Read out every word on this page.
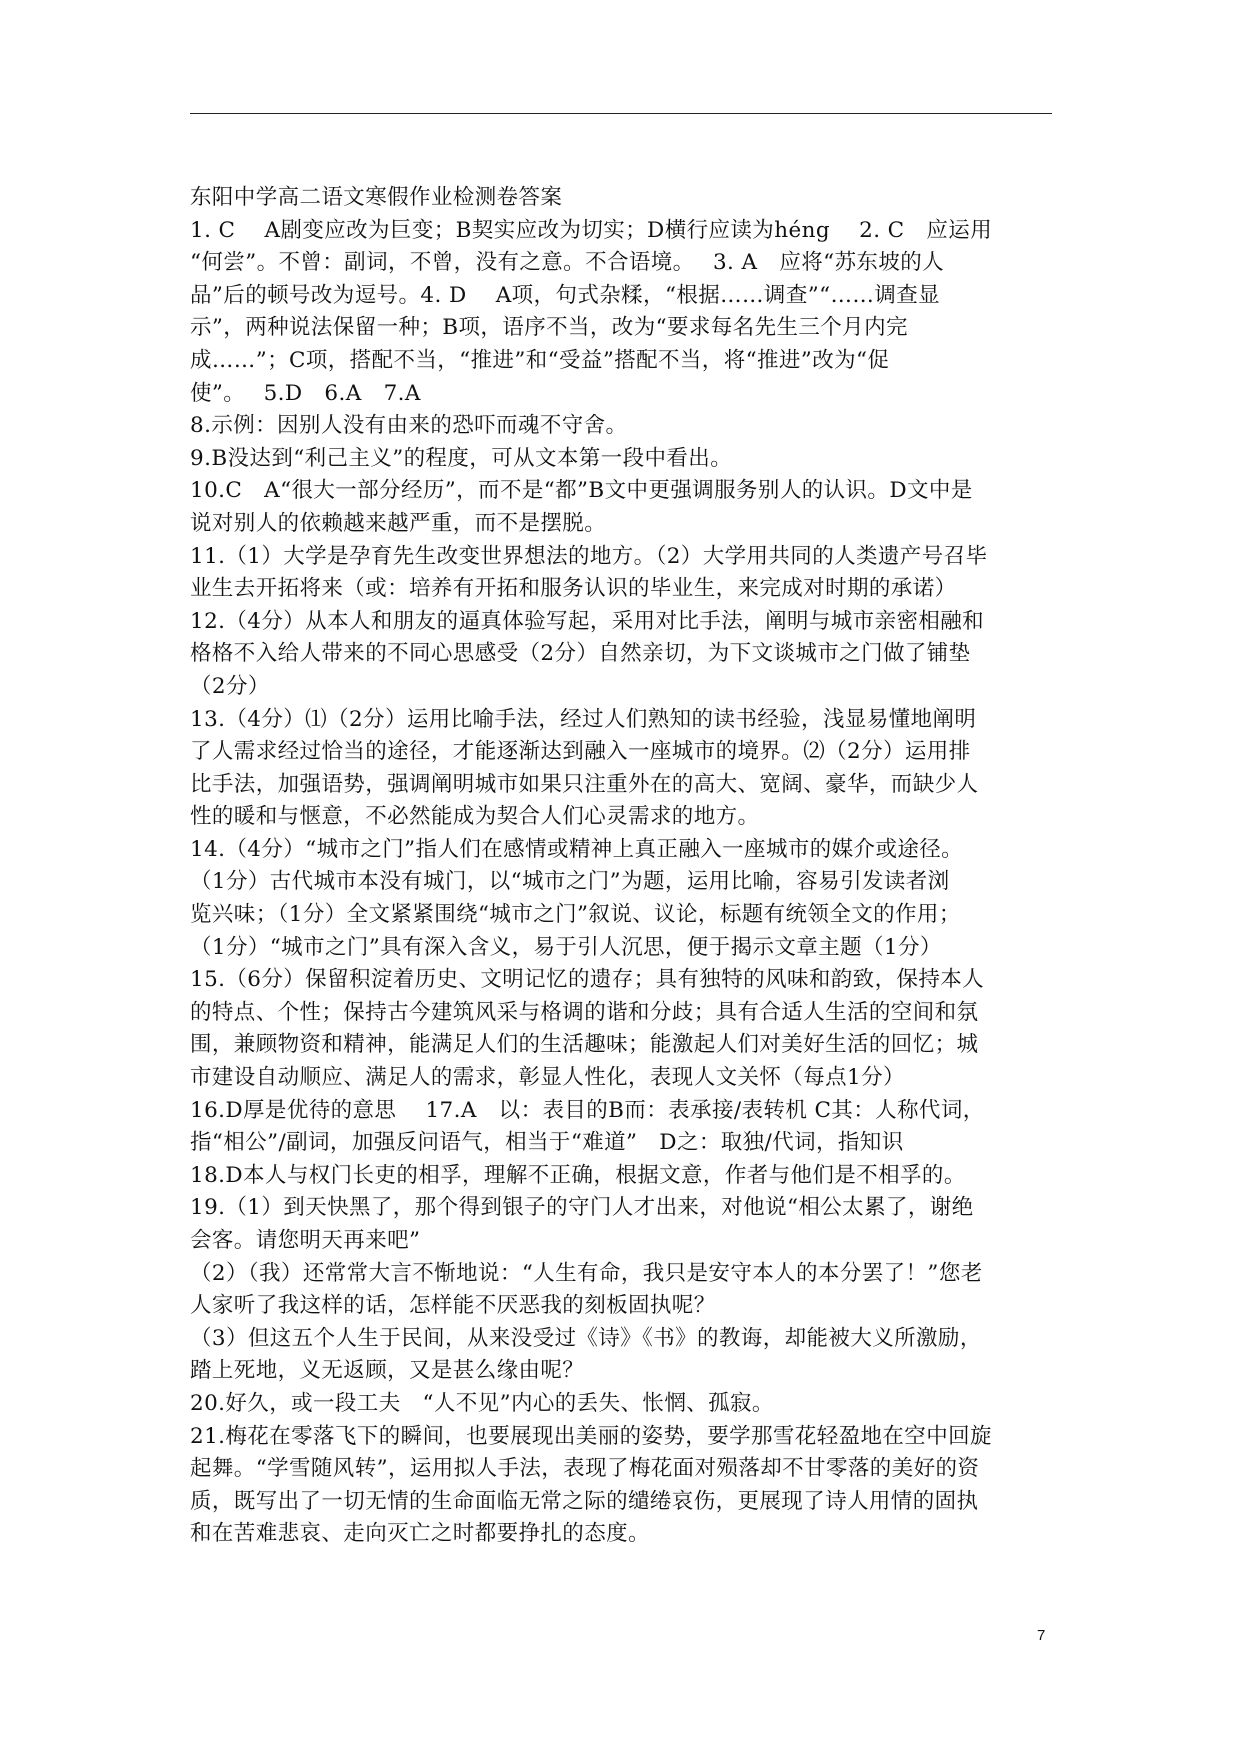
东阳中学高二语文寒假作业检测卷答案
1. C　 A剧变应改为巨变；B契实应改为切实；D横行应读为héng　 2. C　应运用
“何尝”。不曾：副词，不曾，没有之意。不合语境。　 3. A　应将“苏东坡的人
品”后的顿号改为逗号。4. D　 A项，句式杂糅，“根据……调查”“……调查显
示”，两种说法保留一种；B项，语序不当，改为“要求每名先生三个月内完
成……”；C项，搭配不当，“推进”和“受益”搭配不当，将“推进”改为“促
使”。　 5.D　6.A　7.A
8.示例：因别人没有由来的恐吓而魂不守舍。
9.B没达到“利己主义”的程度，可从文本第一段中看出。
10.C　A“很大一部分经历”，而不是“都”B文中更强调服务别人的认识。D文中是
说对别人的依赖越来越严重，而不是摆脱。
11.（1）大学是孕育先生改变世界想法的地方。（2）大学用共同的人类遗产号召毕
业生去开拓将来（或：培养有开拓和服务认识的毕业生，来完成对时期的承诺）
12.（4分）从本人和朋友的逼真体验写起，采用对比手法，阐明与城市亲密相融和
格格不入给人带来的不同心思感受（2分）自然亲切，为下文谈城市之门做了铺垫
（2分）
13.（4分）⑴（2分）运用比喻手法，经过人们熟知的读书经验，浅显易懂地阐明
了人需求经过恰当的途径，才能逐渐达到融入一座城市的境界。⑵（2分）运用排
比手法，加强语势，强调阐明城市如果只注重外在的高大、宽阔、豪华，而缺少人
性的暖和与惬意，不必然能成为契合人们心灵需求的地方。
14.（4分）“城市之门”指人们在感情或精神上真正融入一座城市的媒介或途径。
（1分）古代城市本没有城门，以“城市之门”为题，运用比喻，容易引发读者浏
览兴味；（1分）全文紧紧围绕“城市之门”叙说、议论，标题有统领全文的作用；
（1分）“城市之门”具有深入含义，易于引人沉思，便于揭示文章主题（1分）
15.（6分）保留积淀着历史、文明记忆的遗存；具有独特的风味和韵致，保持本人
的特点、个性；保持古今建筑风采与格调的谐和分歧；具有合适人生活的空间和氛
围，兼顾物资和精神，能满足人们的生活趣味；能激起人们对美好生活的回忆；城
市建设自动顺应、满足人的需求，彰显人性化，表现人文关怀（每点1分）
16.D厚是优待的意思　 17.A　以：表目的B而：表承接/表转机 C其：人称代词，
指“相公”/副词，加强反问语气，相当于“难道”　D之：取独/代词，指知识
18.D本人与权门长吏的相孚，理解不正确，根据文意，作者与他们是不相孚的。
19.（1）到天快黑了，那个得到银子的守门人才出来，对他说“相公太累了，谢绝
会客。请您明天再来吧”
（2）（我）还常常大言不惭地说：“人生有命，我只是安守本人的本分罢了！”您老
人家听了我这样的话，怎样能不厌恶我的刻板固执呢？
（3）但这五个人生于民间，从来没受过《诗》《书》的教诲，却能被大义所激励，
踏上死地，义无返顾，又是甚么缘由呢？
20.好久，或一段工夫　“人不见”内心的丢失、怅惘、孤寂。
21.梅花在零落飞下的瞬间，也要展现出美丽的姿势，要学那雪花轻盈地在空中回旋
起舞。“学雪随风转”，运用拟人手法，表现了梅花面对殒落却不甘零落的美好的资
质，既写出了一切无情的生命面临无常之际的缱绻哀伤，更展现了诗人用情的固执
和在苦难悲哀、走向灭亡之时都要挣扎的态度。
7
